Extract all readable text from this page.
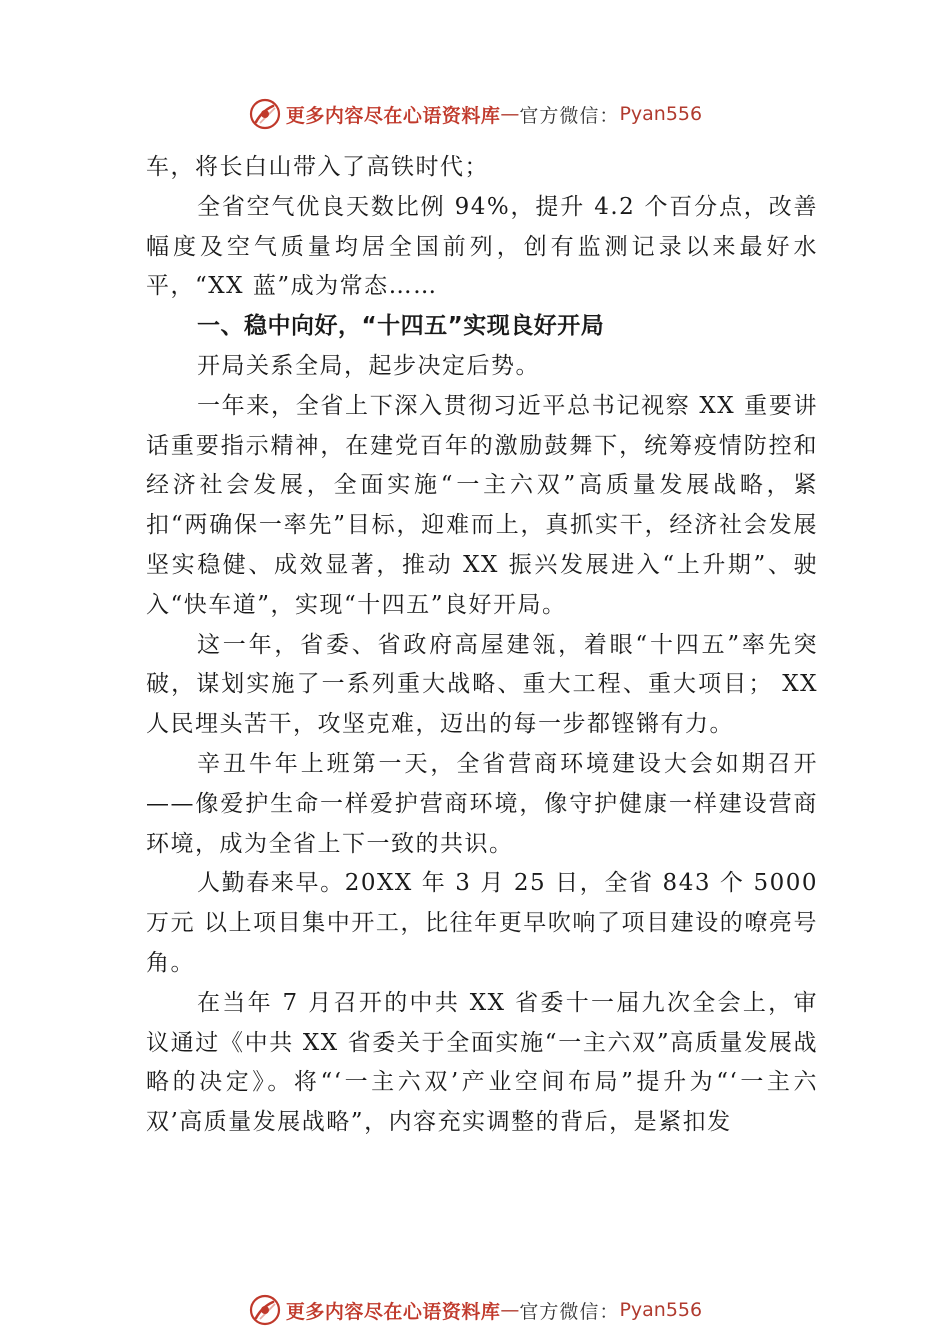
更多内容尽在心语资料库 — 官方微信： Pyan556

车，将长白山带入了高铁时代；

全省空气优良天数比例 94%，提升 4.2 个百分点，改善幅度及空气质量均居全国前列，创有监测记录以来最好水平，“XX 蓝”成为常态……

一、稳中向好，“十四五”实现良好开局

开局关系全局，起步决定后势。

一年来，全省上下深入贯彻习近平总书记视察 XX 重要讲话重要指示精神，在建党百年的激励鼓舞下，统筹疫情防控和经济社会发展，全面实施“一主六双”高质量发展战略，紧扣“两确保一率先”目标，迎难而上，真抓实干，经济社会发展坚实稳健、成效显著，推动 XX 振兴发展进入“上升期”、驶入“快车道”，实现“十四五”良好开局。

这一年，省委、省政府高屋建瓴，着眼“十四五”率先突破，谋划实施了一系列重大战略、重大工程、重大项目； XX 人民埋头苦干，攻坚克难，迈出的每一步都铿锵有力。

辛丑牛年上班第一天，全省营商环境建设大会如期召开——像爱护生命一样爱护营商环境，像守护健康一样建设营商环境，成为全省上下一致的共识。

人勤春来早。20XX 年 3 月 25 日，全省 843 个 5000 万元 以上项目集中开工，比往年更早吹响了项目建设的嘹亮号角。

在当年 7 月召开的中共 XX 省委十一届九次全会上，审议通过《中共 XX 省委关于全面实施“一主六双”高质量发展战略的决定》。将“‘一主六双’产业空间布局”提升为“‘一主六双’高质量发展战略”，内容充实调整的背后，是紧扣发

更多内容尽在心语资料库 — 官方微信： Pyan556
